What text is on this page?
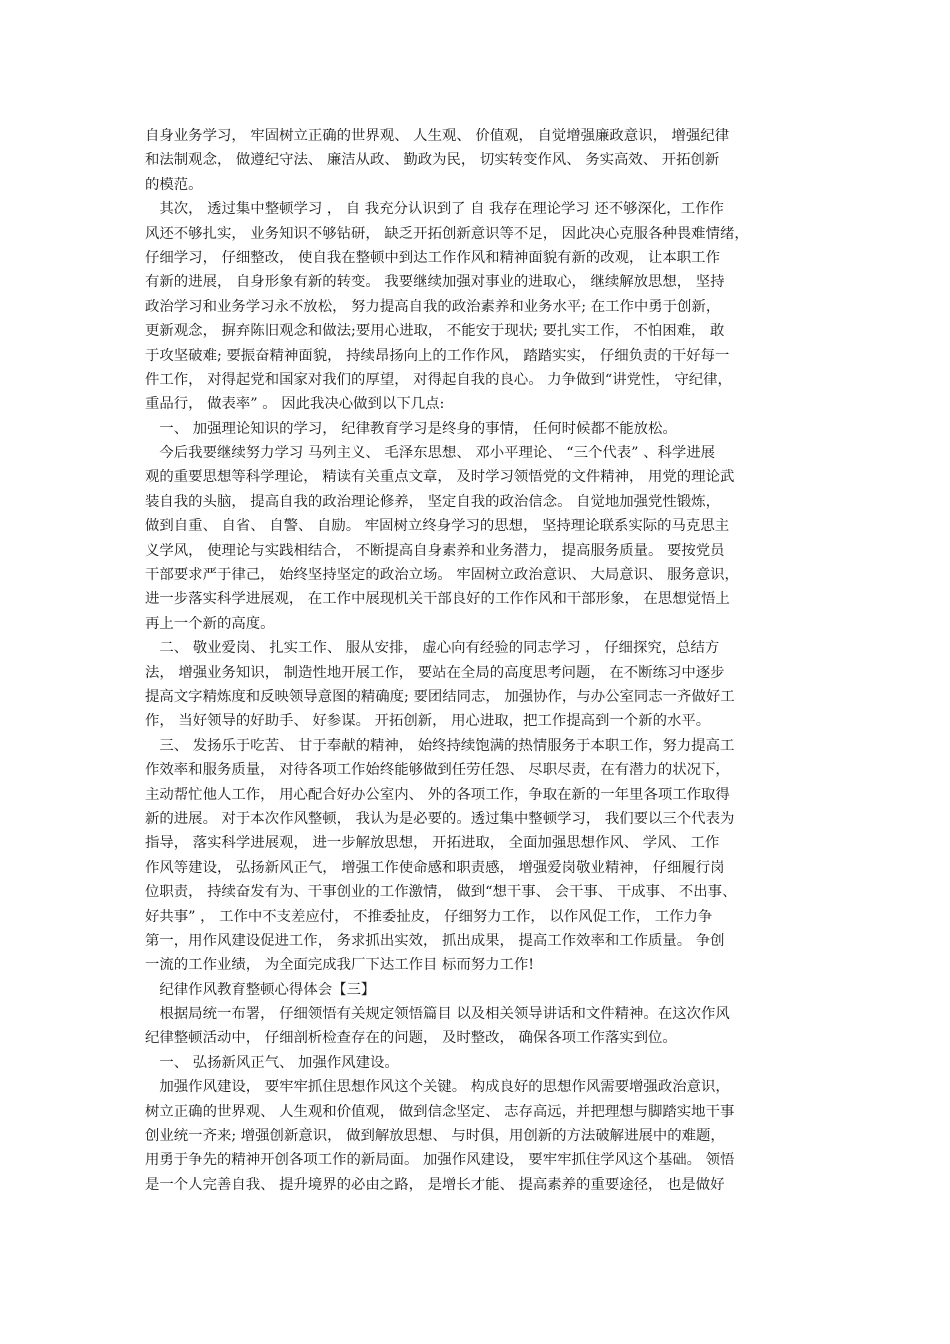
自身业务学习， 牢固树立正确的世界观、 人生观、 价值观， 自觉增强廉政意识， 增强纪律
和法制观念， 做遵纪守法、 廉洁从政、 勤政为民， 切实转变作风、 务实高效、 开拓创新
的模范。
　其次， 透过集中整顿学习 ， 自 我充分认识到了 自 我存在理论学习 还不够深化，工作作
风还不够扎实， 业务知识不够钻研， 缺乏开拓创新意识等不足， 因此决心克服各种畏难情绪，
仔细学习， 仔细整改， 使自我在整顿中到达工作作风和精神面貌有新的改观， 让本职工作
有新的进展， 自身形象有新的转变。 我要继续加强对事业的进取心， 继续解放思想， 坚持
政治学习和业务学习永不放松， 努力提高自我的政治素养和业务水平; 在工作中勇于创新，
更新观念， 摒弃陈旧观念和做法;要用心进取， 不能安于现状; 要扎实工作， 不怕困难， 敢
于攻坚破难; 要振奋精神面貌， 持续昂扬向上的工作作风， 踏踏实实， 仔细负责的干好每一
件工作， 对得起党和国家对我们的厚望， 对得起自我的良心。 力争做到“讲党性， 守纪律，
重品行， 做表率” 。 因此我决心做到以下几点:
　一、 加强理论知识的学习， 纪律教育学习是终身的事情， 任何时候都不能放松。
　今后我要继续努力学习 马列主义、 毛泽东思想、 邓小平理论、 “三个代表” 、科学进展
观的重要思想等科学理论， 精读有关重点文章， 及时学习领悟党的文件精神， 用党的理论武
装自我的头脑， 提高自我的政治理论修养， 坚定自我的政治信念。 自觉地加强党性锻炼，
做到自重、 自省、 自警、 自励。 牢固树立终身学习的思想， 坚持理论联系实际的马克思主
义学风， 使理论与实践相结合， 不断提高自身素养和业务潜力， 提高服务质量。 要按党员
干部要求严于律己， 始终坚持坚定的政治立场。 牢固树立政治意识、 大局意识、 服务意识，
进一步落实科学进展观， 在工作中展现机关干部良好的工作作风和干部形象， 在思想觉悟上
再上一个新的高度。
　二、 敬业爱岗、 扎实工作、 服从安排， 虚心向有经验的同志学习 ， 仔细探究，总结方
法， 增强业务知识， 制造性地开展工作， 要站在全局的高度思考问题， 在不断练习中逐步
提高文字精炼度和反映领导意图的精确度; 要团结同志， 加强协作，与办公室同志一齐做好工
作， 当好领导的好助手、 好参谋。 开拓创新， 用心进取，把工作提高到一个新的水平。
　三、 发扬乐于吃苦、 甘于奉献的精神， 始终持续饱满的热情服务于本职工作，努力提高工
作效率和服务质量， 对待各项工作始终能够做到任劳任怨、 尽职尽责，在有潜力的状况下，
主动帮忙他人工作， 用心配合好办公室内、 外的各项工作，争取在新的一年里各项工作取得
新的进展。 对于本次作风整顿， 我认为是必要的。透过集中整顿学习， 我们要以三个代表为
指导， 落实科学进展观， 进一步解放思想， 开拓进取， 全面加强思想作风、 学风、 工作
作风等建设， 弘扬新风正气， 增强工作使命感和职责感， 增强爱岗敬业精神， 仔细履行岗
位职责， 持续奋发有为、干事创业的工作激情， 做到“想干事、 会干事、 干成事、 不出事、
好共事” ， 工作中不支差应付， 不推委扯皮， 仔细努力工作， 以作风促工作， 工作力争
第一，用作风建设促进工作， 务求抓出实效， 抓出成果， 提高工作效率和工作质量。 争创
一流的工作业绩， 为全面完成我厂下达工作目 标而努力工作!
　纪律作风教育整顿心得体会【三】
　根据局统一布署， 仔细领悟有关规定领悟篇目 以及相关领导讲话和文件精神。在这次作风
纪律整顿活动中， 仔细剖析检查存在的问题， 及时整改， 确保各项工作落实到位。
　一、 弘扬新风正气、 加强作风建设。
　加强作风建设， 要牢牢抓住思想作风这个关键。 构成良好的思想作风需要增强政治意识，
树立正确的世界观、 人生观和价值观， 做到信念坚定、 志存高远，并把理想与脚踏实地干事
创业统一齐来; 增强创新意识， 做到解放思想、 与时俱，用创新的方法破解进展中的难题，
用勇于争先的精神开创各项工作的新局面。 加强作风建设， 要牢牢抓住学风这个基础。 领悟
是一个人完善自我、 提升境界的必由之路， 是增长才能、 提高素养的重要途径， 也是做好
